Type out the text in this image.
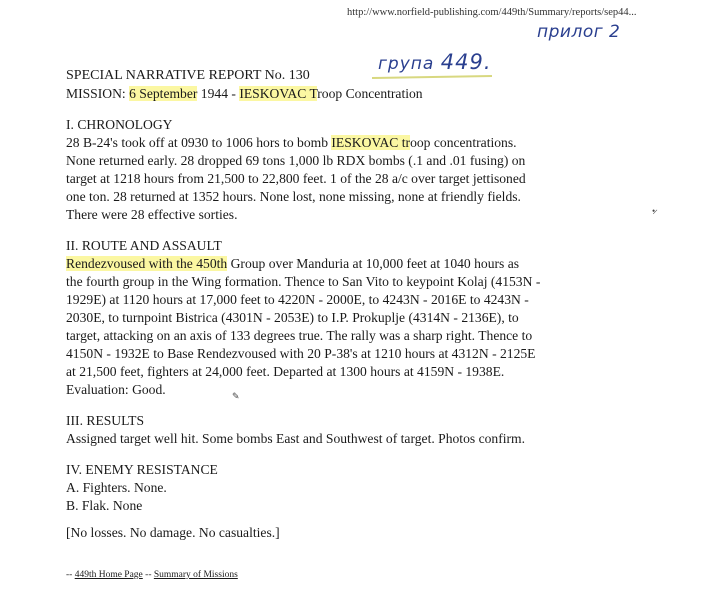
http://www.norfield-publishing.com/449th/Summary/reports/sep44...
прилог 2
група 449.

SPECIAL NARRATIVE REPORT No. 130

MISSION: 6 September 1944 - IESKOVAC Troop Concentration

I. CHRONOLOGY

28 B-24's took off at 0930 to 1006 hors to bomb IESKOVAC troop concentrations.

None returned early. 28 dropped 69 tons 1,000 lb RDX bombs (.1 and .01 fusing) on

target at 1218 hours from 21,500 to 22,800 feet. 1 of the 28 a/c over target jettisoned

one ton. 28 returned at 1352 hours. None lost, none missing, none at friendly fields.

There were 28 effective sorties.

II. ROUTE AND ASSAULT

Rendezvoused with the 450th Group over Manduria at 10,000 feet at 1040 hours as

the fourth group in the Wing formation. Thence to San Vito to keypoint Kolaj (4153N -

1929E) at 1120 hours at 17,000 feet to 4220N - 2000E, to 4243N - 2016E to 4243N -

2030E, to turnpoint Bistrica (4301N - 2053E) to I.P. Prokuplje (4314N - 2136E), to

target, attacking on an axis of 133 degrees true. The rally was a sharp right. Thence to

4150N - 1932E to Base Rendezvoused with 20 P-38's at 1210 hours at 4312N - 2125E

at 21,500 feet, fighters at 24,000 feet. Departed at 1300 hours at 4159N - 1938E.

Evaluation: Good.

III. RESULTS

Assigned target well hit. Some bombs East and Southwest of target. Photos confirm.

IV. ENEMY RESISTANCE

A. Fighters. None.

B. Flak. None

[No losses. No damage. No casualties.]

•̷
✎
-- 449th Home Page -- Summary of Missions
